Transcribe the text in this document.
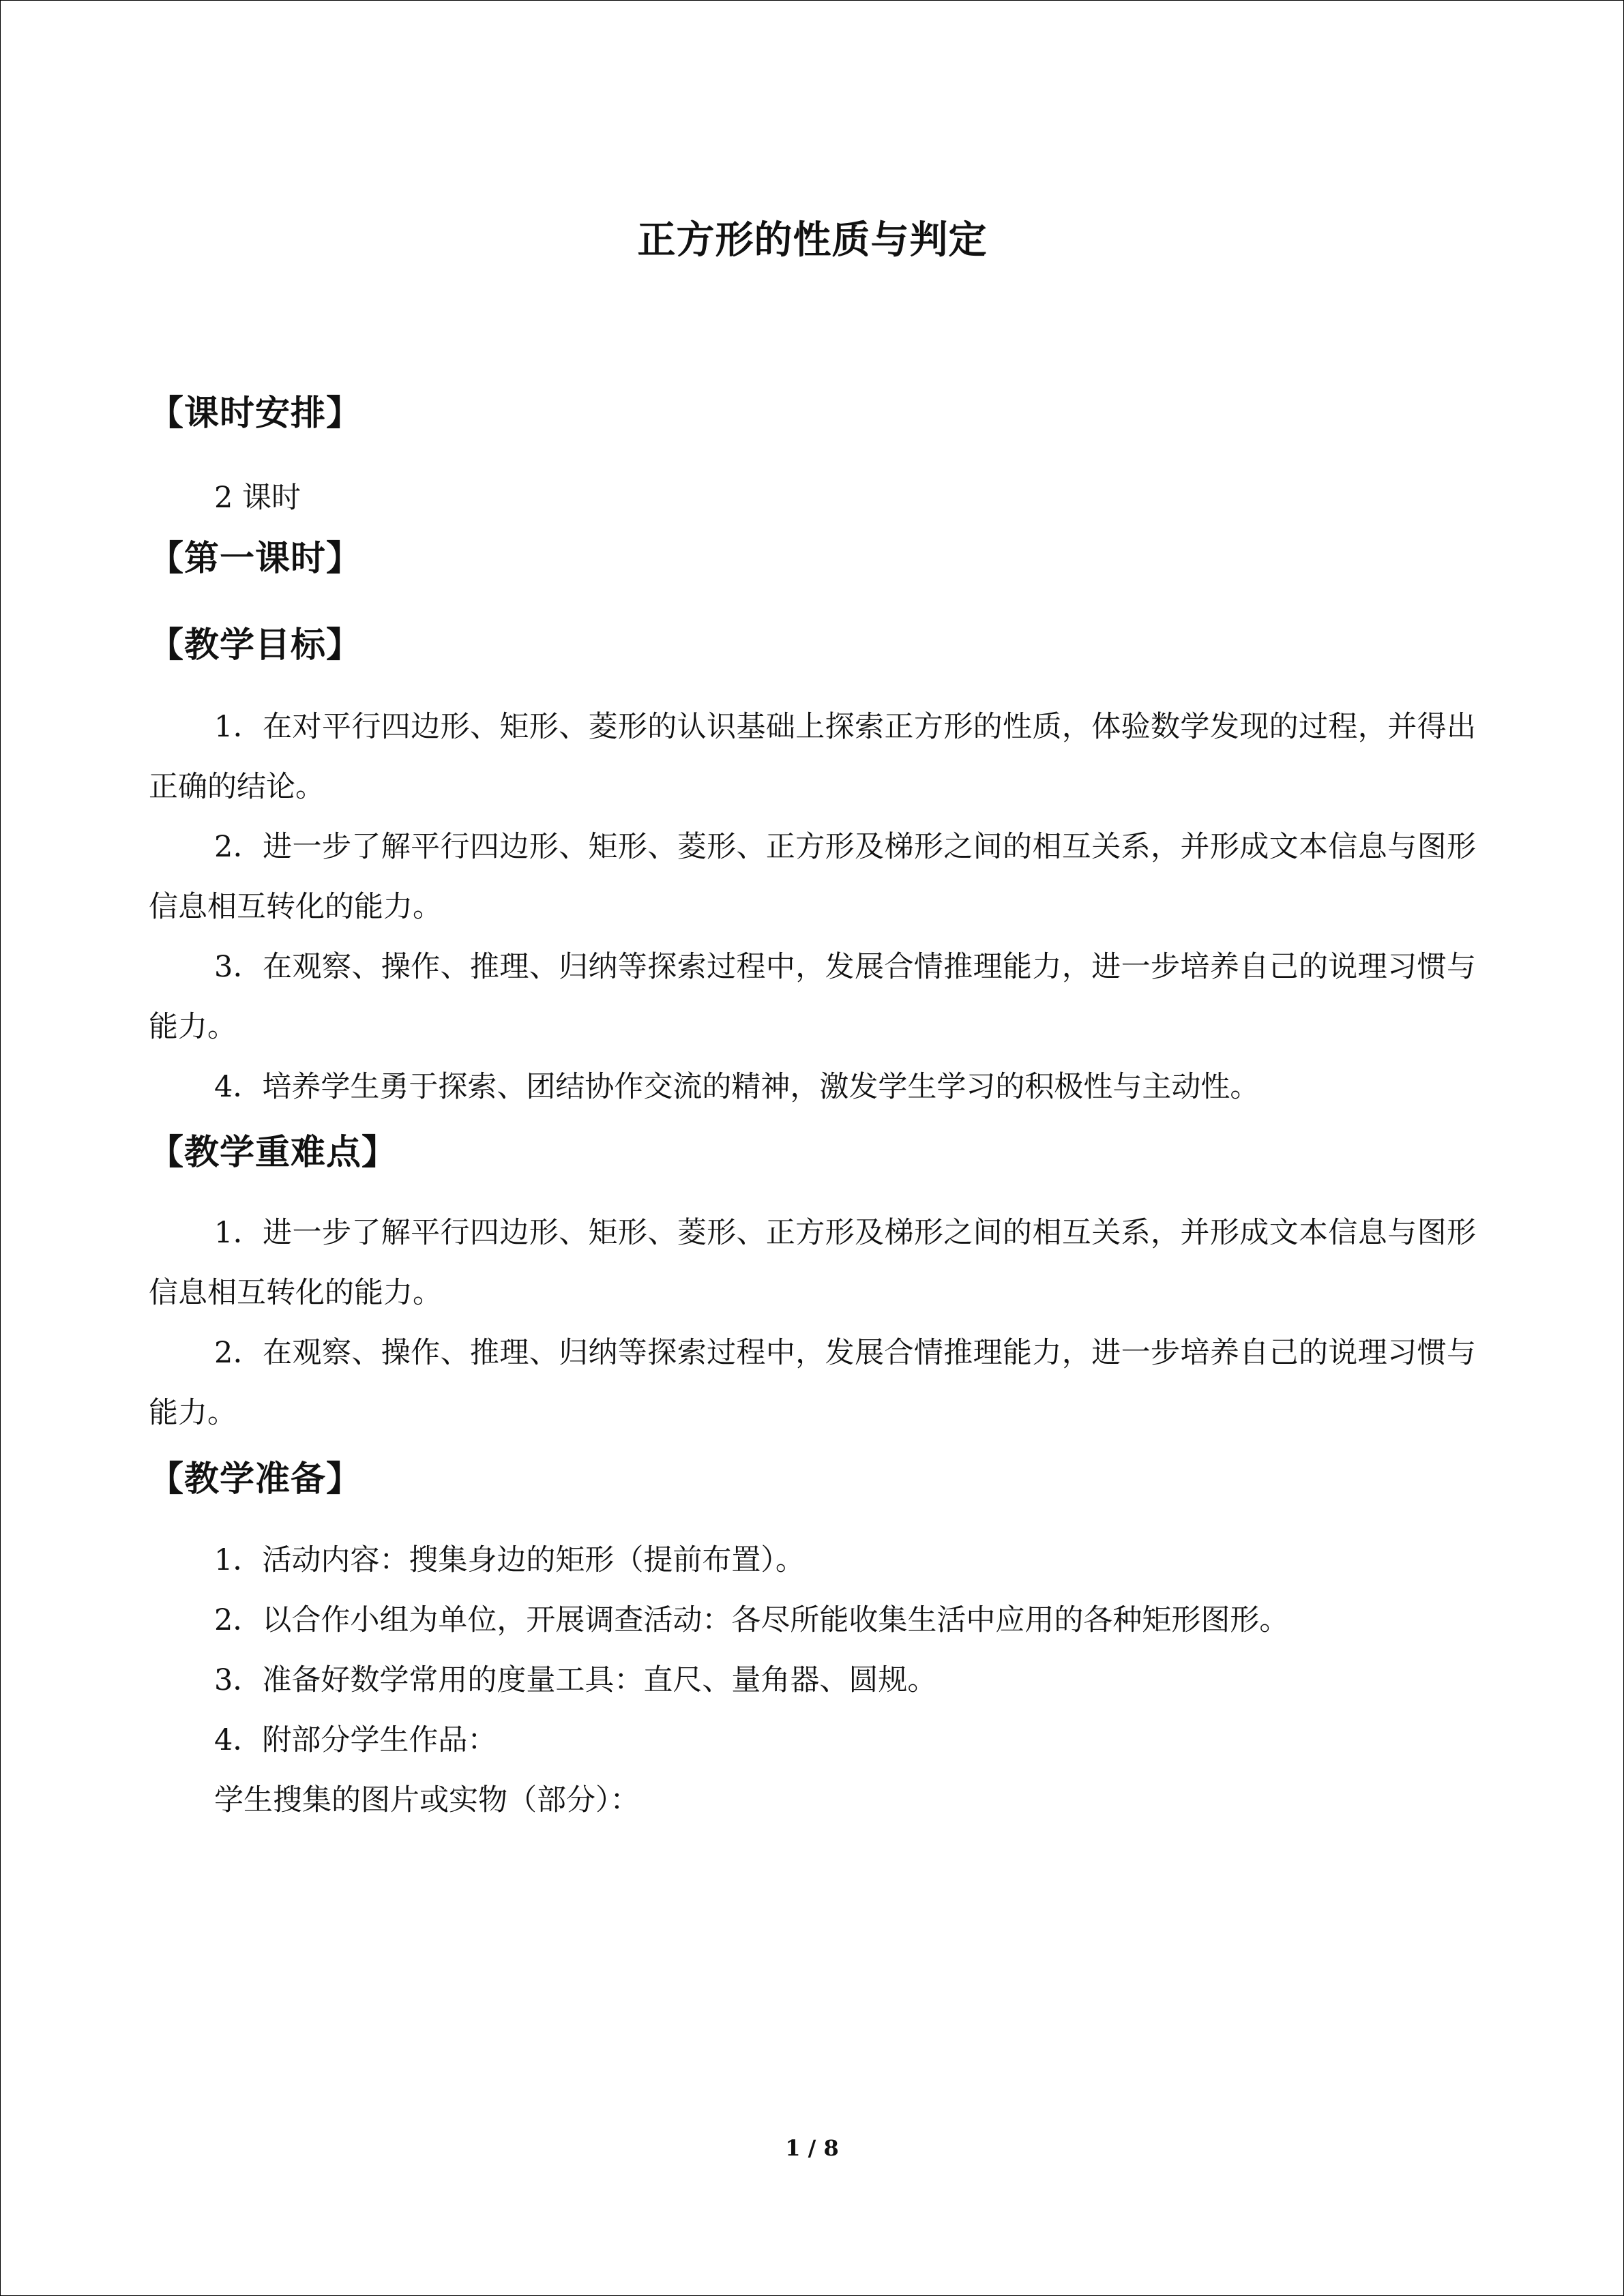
正方形的性质与判定
【课时安排】

2 课时

【第一课时】
【教学目标】

1．在对平行四边形、矩形、菱形的认识基础上探索正方形的性质，体验数学发现的过程，并得出正确的结论。

2．进一步了解平行四边形、矩形、菱形、正方形及梯形之间的相互关系，并形成文本信息与图形信息相互转化的能力。

3．在观察、操作、推理、归纳等探索过程中，发展合情推理能力，进一步培养自己的说理习惯与能力。

4．培养学生勇于探索、团结协作交流的精神，激发学生学习的积极性与主动性。

【教学重难点】

1．进一步了解平行四边形、矩形、菱形、正方形及梯形之间的相互关系，并形成文本信息与图形信息相互转化的能力。

2．在观察、操作、推理、归纳等探索过程中，发展合情推理能力，进一步培养自己的说理习惯与能力。

【教学准备】

1．活动内容：搜集身边的矩形（提前布置）。

2．以合作小组为单位，开展调查活动：各尽所能收集生活中应用的各种矩形图形。

3．准备好数学常用的度量工具：直尺、量角器、圆规。

4．附部分学生作品：

学生搜集的图片或实物（部分）：

1 / 8
